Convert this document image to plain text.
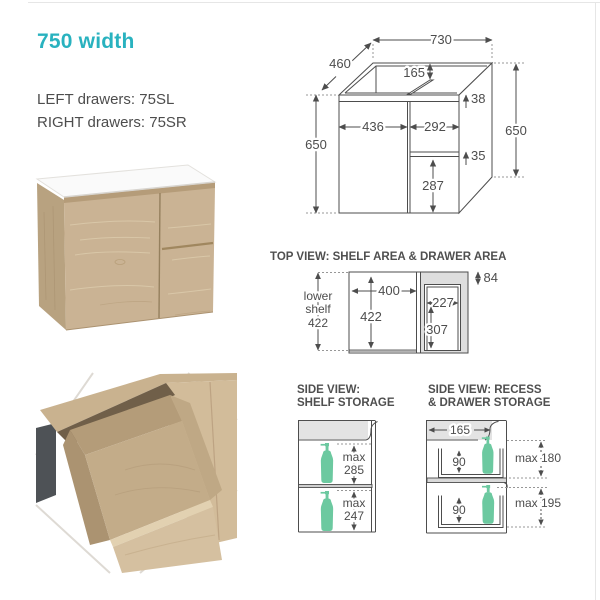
750 width
LEFT drawers: 75SL
RIGHT drawers: 75SR
730
460
165
38
650
650
436	292
35
287
TOP VIEW: SHELF AREA & DRAWER AREA
lower
shelf
422
400
422
227
307
84
SIDE VIEW:
SHELF STORAGE
SIDE VIEW: RECESS
& DRAWER STORAGE
max
285
max
247
165
90
90
max 180
max 195
